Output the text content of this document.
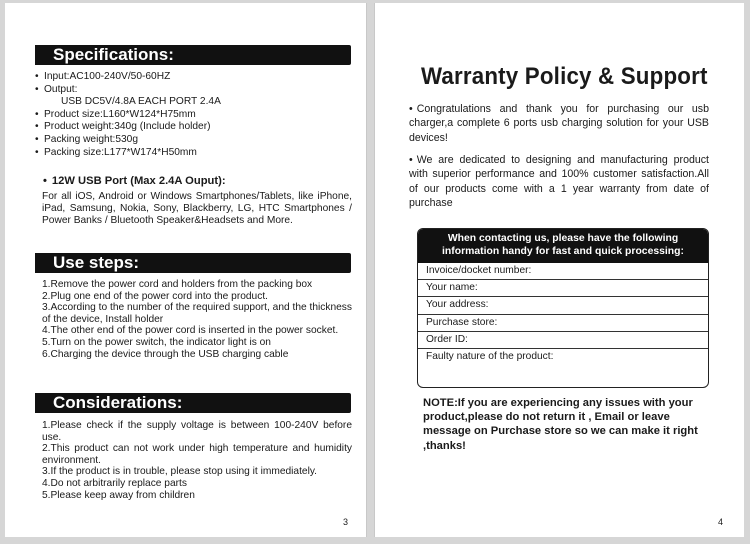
Specifications:
• Input:AC100-240V/50-60HZ
• Output:
USB DC5V/4.8A EACH PORT 2.4A
• Product size:L160*W124*H75mm
• Product weight:340g (Include holder)
• Packing weight:530g
• Packing size:L177*W174*H50mm
• 12W USB Port (Max 2.4A Ouput):
For all iOS, Android or Windows Smartphones/Tablets, like iPhone, iPad, Samsung, Nokia, Sony, Blackberry, LG, HTC Smartphones / Power Banks / Bluetooth Speaker&Headsets and More.
Use steps:
1.Remove the power cord and holders from the packing box
2.Plug one end of the power cord into the product.
3.According to the number of the required support, and the thickness of the device, Install holder
4.The other end of the power cord is inserted in the power socket.
5.Turn on the power switch, the indicator light is on
6.Charging the device through the USB charging cable
Considerations:
1.Please check if the supply voltage is between 100-240V before use.
2.This product can not work under high temperature and humidity environment.
3.If the product is in trouble, please stop using it immediately.
4.Do not arbitrarily replace parts
5.Please keep away from children
3
Warranty Policy & Support
• Congratulations and thank you for purchasing our usb charger,a complete 6 ports usb charging solution for your USB devices!
• We are dedicated to designing and manufacturing product with superior performance and 100% customer satisfaction.All of our products come with a 1 year warranty from date of purchase
When contacting us, please have the following
information handy for fast and quick processing:
Invoice/docket number:
Your name:
Your address:
Purchase store:
Order ID:
Faulty nature of the product:
NOTE:If you are experiencing any issues with your product,please do not return it , Email or leave message on Purchase store so we can make it right ,thanks!
4
